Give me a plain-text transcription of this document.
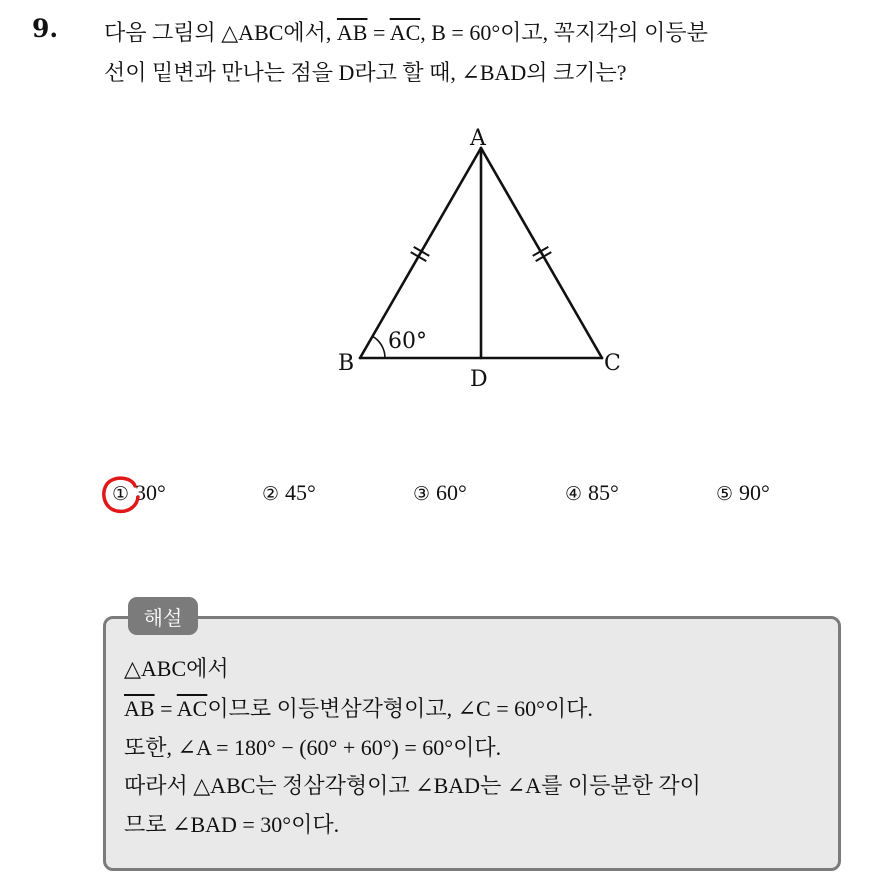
9. 다음 그림의 △ABC에서, $\overline{AB} = \overline{AC}$, B = 60°이고, 꼭지각의 이등분
선이 밑변과 만나는 점을 D라고 할 때, ∠BAD의 크기는?
A
B	C
D
60°
① 30°	② 45°	③ 60°	④ 85°	⑤ 90°
해설
△ABC에서
$\overline{AB} = \overline{AC}$이므로 이등변삼각형이고, ∠C = 60°이다.
또한, ∠A = 180° − (60° + 60°) = 60°이다.
따라서 △ABC는 정삼각형이고 ∠BAD는 ∠A를 이등분한 각이
므로 ∠BAD = 30°이다.
